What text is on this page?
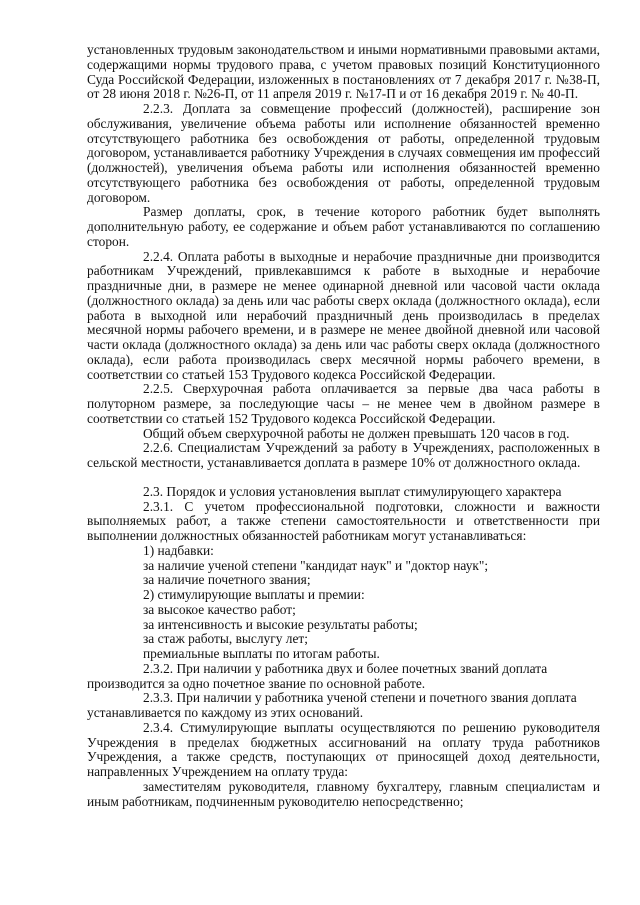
установленных трудовым законодательством и иными нормативными правовыми актами, содержащими нормы трудового права, с учетом правовых позиций Конституционного Суда Российской Федерации, изложенных в постановлениях от 7 декабря 2017 г. №38-П, от 28 июня 2018 г. №26-П, от 11 апреля 2019 г. №17-П и от 16 декабря 2019 г. № 40-П.

2.2.3. Доплата за совмещение профессий (должностей), расширение зон обслуживания, увеличение объема работы или исполнение обязанностей временно отсутствующего работника без освобождения от работы, определенной трудовым договором, устанавливается работнику Учреждения в случаях совмещения им профессий (должностей), увеличения объема работы или исполнения обязанностей временно отсутствующего работника без освобождения от работы, определенной трудовым договором.

Размер доплаты, срок, в течение которого работник будет выполнять дополнительную работу, ее содержание и объем работ устанавливаются по соглашению сторон.

2.2.4. Оплата работы в выходные и нерабочие праздничные дни производится работникам Учреждений, привлекавшимся к работе в выходные и нерабочие праздничные дни, в размере не менее одинарной дневной или часовой части оклада (должностного оклада) за день или час работы сверх оклада (должностного оклада), если работа в выходной или нерабочий праздничный день производилась в пределах месячной нормы рабочего времени, и в размере не менее двойной дневной или часовой части оклада (должностного оклада) за день или час работы сверх оклада (должностного оклада), если работа производилась сверх месячной нормы рабочего времени, в соответствии со статьей 153 Трудового кодекса Российской Федерации.

2.2.5. Сверхурочная работа оплачивается за первые два часа работы в полуторном размере, за последующие часы – не менее чем в двойном размере в соответствии со статьей 152 Трудового кодекса Российской Федерации.

Общий объем сверхурочной работы не должен превышать 120 часов в год.

2.2.6. Специалистам Учреждений за работу в Учреждениях, расположенных в сельской местности, устанавливается доплата в размере 10% от должностного оклада.

2.3. Порядок и условия установления выплат стимулирующего характера

2.3.1. С учетом профессиональной подготовки, сложности и важности выполняемых работ, а также степени самостоятельности и ответственности при выполнении должностных обязанностей работникам могут устанавливаться:

1) надбавки:

за наличие ученой степени "кандидат наук" и "доктор наук";

за наличие почетного звания;

2) стимулирующие выплаты и премии:

за высокое качество работ;

за интенсивность и высокие результаты работы;

за стаж работы, выслугу лет;

премиальные выплаты по итогам работы.

2.3.2. При наличии у работника двух и более почетных званий доплата производится за одно почетное звание по основной работе.

2.3.3. При наличии у работника ученой степени и почетного звания доплата устанавливается по каждому из этих оснований.

2.3.4. Стимулирующие выплаты осуществляются по решению руководителя Учреждения в пределах бюджетных ассигнований на оплату труда работников Учреждения, а также средств, поступающих от приносящей доход деятельности, направленных Учреждением на оплату труда:

заместителям руководителя, главному бухгалтеру, главным специалистам и иным работникам, подчиненным руководителю непосредственно;
